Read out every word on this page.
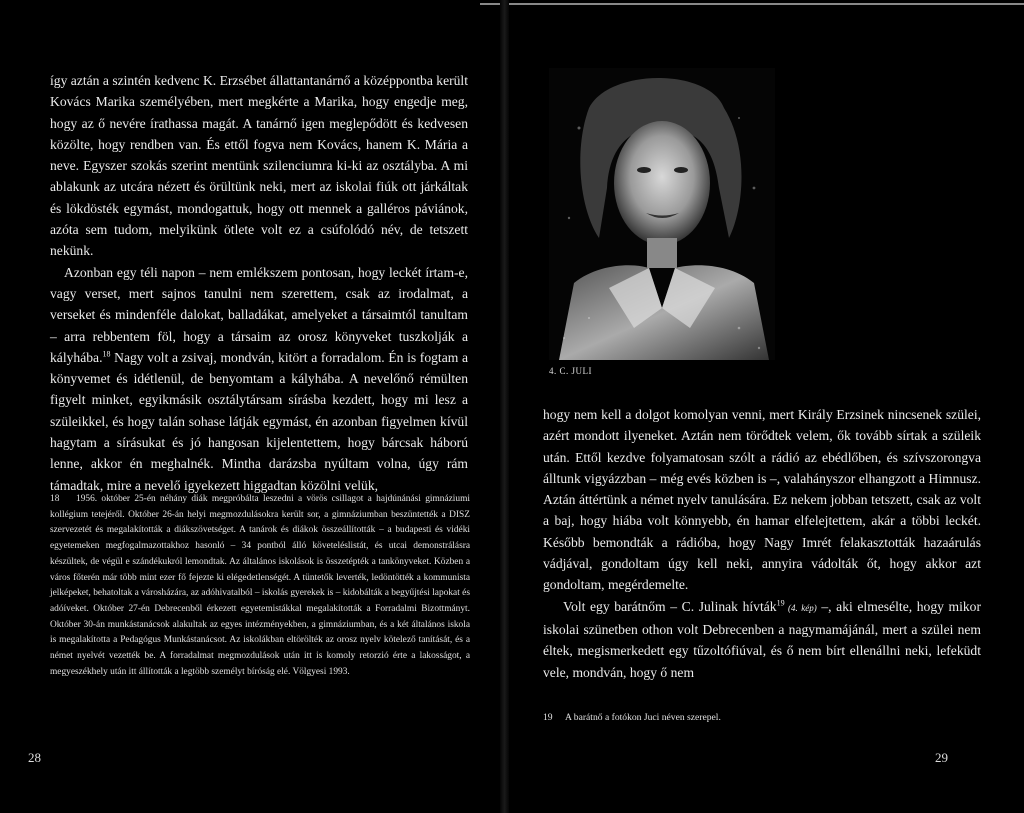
így aztán a szintén kedvenc K. Erzsébet állattantanárnő a középpontba került Kovács Marika személyében, mert megkérte a Marika, hogy engedje meg, hogy az ő nevére írathassa magát. A tanárnő igen meglepődött és kedvesen közölte, hogy rendben van. És ettől fogva nem Kovács, hanem K. Mária a neve. Egyszer szokás szerint mentünk szilenciumra ki-ki az osztályba. A mi ablakunk az utcára nézett és örültünk neki, mert az iskolai fiúk ott járkáltak és lökdösték egymást, mondogattuk, hogy ott mennek a galléros páviánok, azóta sem tudom, melyikünk ötlete volt ez a csúfolódó név, de tetszett nekünk.

Azonban egy téli napon – nem emlékszem pontosan, hogy leckét írtam-e, vagy verset, mert sajnos tanulni nem szerettem, csak az irodalmat, a verseket és mindenféle dalokat, balladákat, amelyeket a társaimtól tanultam – arra rebbentem föl, hogy a társaim az orosz könyveket tuszkolják a kályhába.$^{18}$ Nagy volt a zsivaj, mondván, kitört a forradalom. Én is fogtam a könyvemet és idétlenül, de benyomtam a kályhába. A nevelőnő rémülten figyelt minket, egyikmásik osztálytársam sírásba kezdett, hogy mi lesz a szüleikkel, és hogy talán sohase látják egymást, én azonban figyelmen kívül hagytam a sírásukat és jó hangosan kijelentettem, hogy bárcsak háború lenne, akkor én meghalnék. Mintha darázsba nyúltam volna, úgy rám támadtak, mire a nevelő igyekezett higgadtan közölni velük,

18 1956. október 25-én néhány diák megpróbálta leszedni a vörös csillagot a hajdúnánási gimnáziumi kollégium tetejéről. Október 26-án helyi megmozdulásokra került sor, a gimnáziumban beszüntették a DISZ szervezetét és megalakították a diákszövetséget. A tanárok és diákok összeállították – a budapesti és vidéki egyetemeken megfogalmazottakhoz hasonló – 34 pontból álló követeléslistát, és utcai demonstrálásra készültek, de végül e szándékukról lemondtak. Az általános iskolások is összetépték a tankönyveket. Közben a város főterén már több mint ezer fő fejezte ki elégedetlenségét. A tüntetők leverték, ledöntötték a kommunista jelképeket, behatoltak a városházára, az adóhivatalból – iskolás gyerekek is – kidobálták a begyűjtési lapokat és adóíveket. Október 27-én Debrecenből érkezett egyetemistákkal megalakították a Forradalmi Bizottmányt. Október 30-án munkástanácsok alakultak az egyes intézményekben, a gimnáziumban, és a két általános iskola is megalakította a Pedagógus Munkástanácsot. Az iskolákban eltörölték az orosz nyelv kötelező tanítását, és a német nyelvét vezették be. A forradalmat megmozdulások után itt is komoly retorzió érte a lakosságot, a megyeszékhely után itt állították a legtöbb személyt bíróság elé. Völgyesi 1993.

28
4. C. JULI

hogy nem kell a dolgot komolyan venni, mert Király Erzsinek nincsenek szülei, azért mondott ilyeneket. Aztán nem törődtek velem, ők tovább sírtak a szüleik után. Ettől kezdve folyamatosan szólt a rádió az ebédlőben, és szívszorongva álltunk vigyázzban – még evés közben is –, valahányszor elhangzott a Himnusz. Aztán áttértünk a német nyelv tanulására. Ez nekem jobban tetszett, csak az volt a baj, hogy hiába volt könnyebb, én hamar elfelejtettem, akár a többi leckét. Később bemondták a rádióba, hogy Nagy Imrét felakasztották hazaárulás vádjával, gondoltam úgy kell neki, annyira vádolták őt, hogy akkor azt gondoltam, megérdemelte.

Volt egy barátnőm – C. Julinak hívták$^{19}$ (4. kép) –, aki elmesélte, hogy mikor iskolai szünetben othon volt Debrecenben a nagymamájánál, mert a szülei nem éltek, megismerkedett egy tűzoltófiúval, és ő nem bírt ellenállni neki, lefeküdt vele, mondván, hogy ő nem

19 A barátnő a fotókon Juci néven szerepel.
29
